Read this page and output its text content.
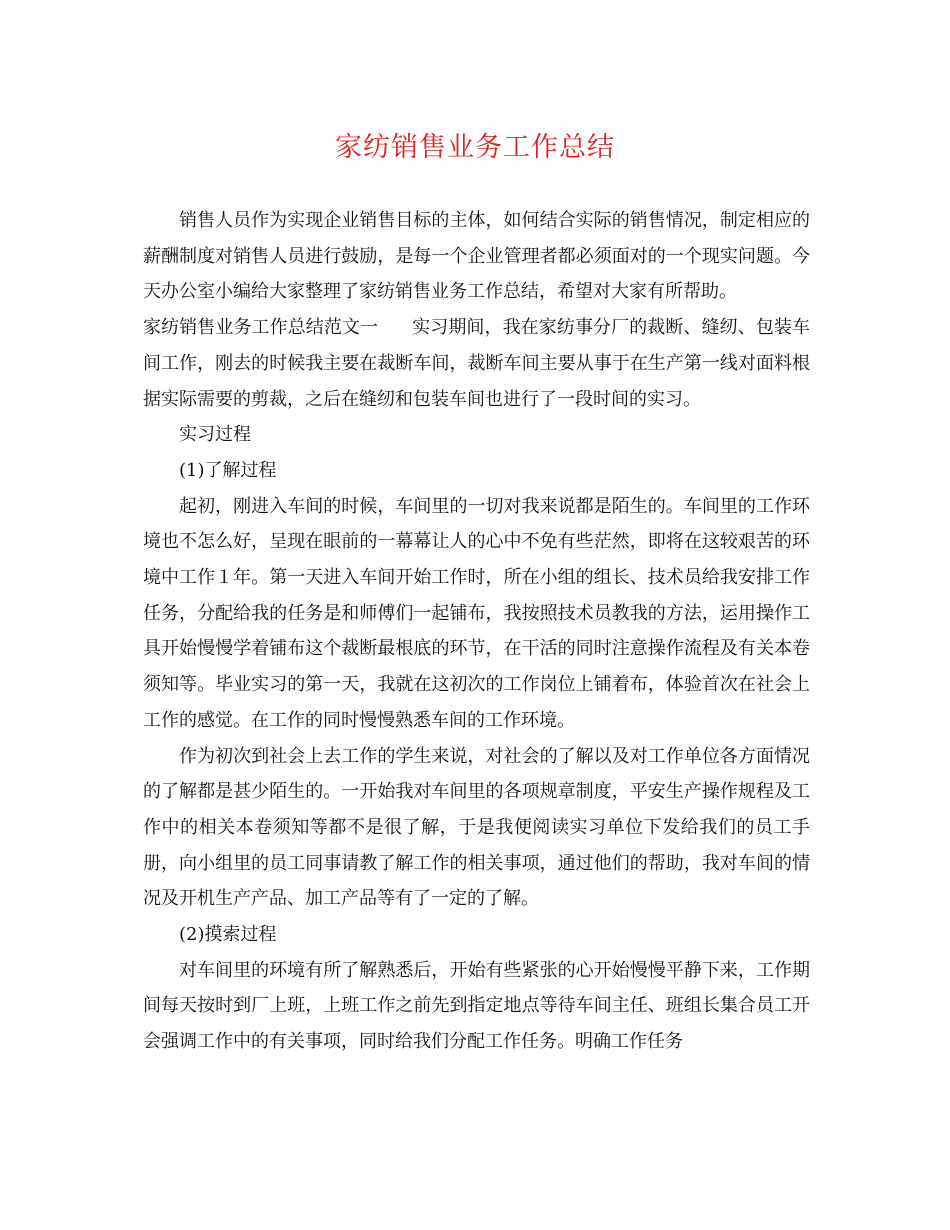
家纺销售业务工作总结

销售人员作为实现企业销售目标的主体，如何结合实际的销售情况，制定相应的薪酬制度对销售人员进行鼓励，是每一个企业管理者都必须面对的一个现实问题。今天办公室小编给大家整理了家纺销售业务工作总结，希望对大家有所帮助。

家纺销售业务工作总结范文一 实习期间，我在家纺事分厂的裁断、缝纫、包装车间工作，刚去的时候我主要在裁断车间，裁断车间主要从事于在生产第一线对面料根据实际需要的剪裁，之后在缝纫和包装车间也进行了一段时间的实习。

实习过程

(1)了解过程

起初，刚进入车间的时候，车间里的一切对我来说都是陌生的。车间里的工作环境也不怎么好，呈现在眼前的一幕幕让人的心中不免有些茫然，即将在这较艰苦的环境中工作１年。第一天进入车间开始工作时，所在小组的组长、技术员给我安排工作任务，分配给我的任务是和师傅们一起铺布，我按照技术员教我的方法，运用操作工具开始慢慢学着铺布这个裁断最根底的环节，在干活的同时注意操作流程及有关本卷须知等。毕业实习的第一天，我就在这初次的工作岗位上铺着布，体验首次在社会上工作的感觉。在工作的同时慢慢熟悉车间的工作环境。

作为初次到社会上去工作的学生来说，对社会的了解以及对工作单位各方面情况的了解都是甚少陌生的。一开始我对车间里的各项规章制度，平安生产操作规程及工作中的相关本卷须知等都不是很了解，于是我便阅读实习单位下发给我们的员工手册，向小组里的员工同事请教了解工作的相关事项，通过他们的帮助，我对车间的情况及开机生产产品、加工产品等有了一定的了解。

(2)摸索过程

对车间里的环境有所了解熟悉后，开始有些紧张的心开始慢慢平静下来，工作期间每天按时到厂上班，上班工作之前先到指定地点等待车间主任、班组长集合员工开会强调工作中的有关事项，同时给我们分配工作任务。明确工作任务
